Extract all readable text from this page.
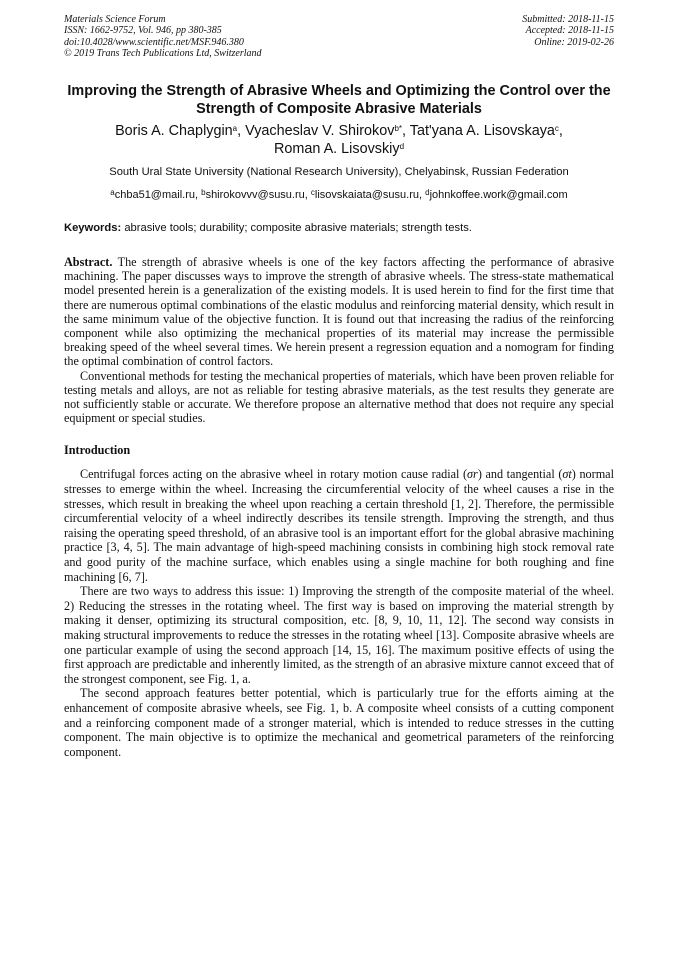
Materials Science Forum
ISSN: 1662-9752, Vol. 946, pp 380-385
doi:10.4028/www.scientific.net/MSF.946.380
© 2019 Trans Tech Publications Ltd, Switzerland
Submitted: 2018-11-15
Accepted: 2018-11-15
Online: 2019-02-26
Improving the Strength of Abrasive Wheels and Optimizing the Control over the Strength of Composite Abrasive Materials
Boris A. Chaplygin$^a$, Vyacheslav V. Shirokov$^{b*}$, Tat'yana A. Lisovskaya$^c$,
Roman A. Lisovskiy$^d$
South Ural State University (National Research University), Chelyabinsk, Russian Federation
$^a$chba51@mail.ru, $^b$shirokovvv@susu.ru, $^c$lisovskaiata@susu.ru, $^d$johnkoffee.work@gmail.com
Keywords: abrasive tools; durability; composite abrasive materials; strength tests.

Abstract. The strength of abrasive wheels is one of the key factors affecting the performance of abrasive machining. The paper discusses ways to improve the strength of abrasive wheels. The stress-state mathematical model presented herein is a generalization of the existing models. It is used herein to find for the first time that there are numerous optimal combinations of the elastic modulus and reinforcing material density, which result in the same minimum value of the objective function. It is found out that increasing the radius of the reinforcing component while also optimizing the mechanical properties of its material may increase the permissible breaking speed of the wheel several times. We herein present a regression equation and a nomogram for finding the optimal combination of control factors.

Conventional methods for testing the mechanical properties of materials, which have been proven reliable for testing metals and alloys, are not as reliable for testing abrasive materials, as the test results they generate are not sufficiently stable or accurate. We therefore propose an alternative method that does not require any special equipment or special studies.

Introduction

Centrifugal forces acting on the abrasive wheel in rotary motion cause radial (σr) and tangential (σt) normal stresses to emerge within the wheel. Increasing the circumferential velocity of the wheel causes a rise in the stresses, which result in breaking the wheel upon reaching a certain threshold [1, 2]. Therefore, the permissible circumferential velocity of a wheel indirectly describes its tensile strength. Improving the strength, and thus raising the operating speed threshold, of an abrasive tool is an important effort for the global abrasive machining practice [3, 4, 5]. The main advantage of high-speed machining consists in combining high stock removal rate and good purity of the machine surface, which enables using a single machine for both roughing and fine machining [6, 7].

There are two ways to address this issue: 1) Improving the strength of the composite material of the wheel. 2) Reducing the stresses in the rotating wheel. The first way is based on improving the material strength by making it denser, optimizing its structural composition, etc. [8, 9, 10, 11, 12]. The second way consists in making structural improvements to reduce the stresses in the rotating wheel [13]. Composite abrasive wheels are one particular example of using the second approach [14, 15, 16]. The maximum positive effects of using the first approach are predictable and inherently limited, as the strength of an abrasive mixture cannot exceed that of the strongest component, see Fig. 1, a.

The second approach features better potential, which is particularly true for the efforts aiming at the enhancement of composite abrasive wheels, see Fig. 1, b. A composite wheel consists of a cutting component and a reinforcing component made of a stronger material, which is intended to reduce stresses in the cutting component. The main objective is to optimize the mechanical and geometrical parameters of the reinforcing component.
